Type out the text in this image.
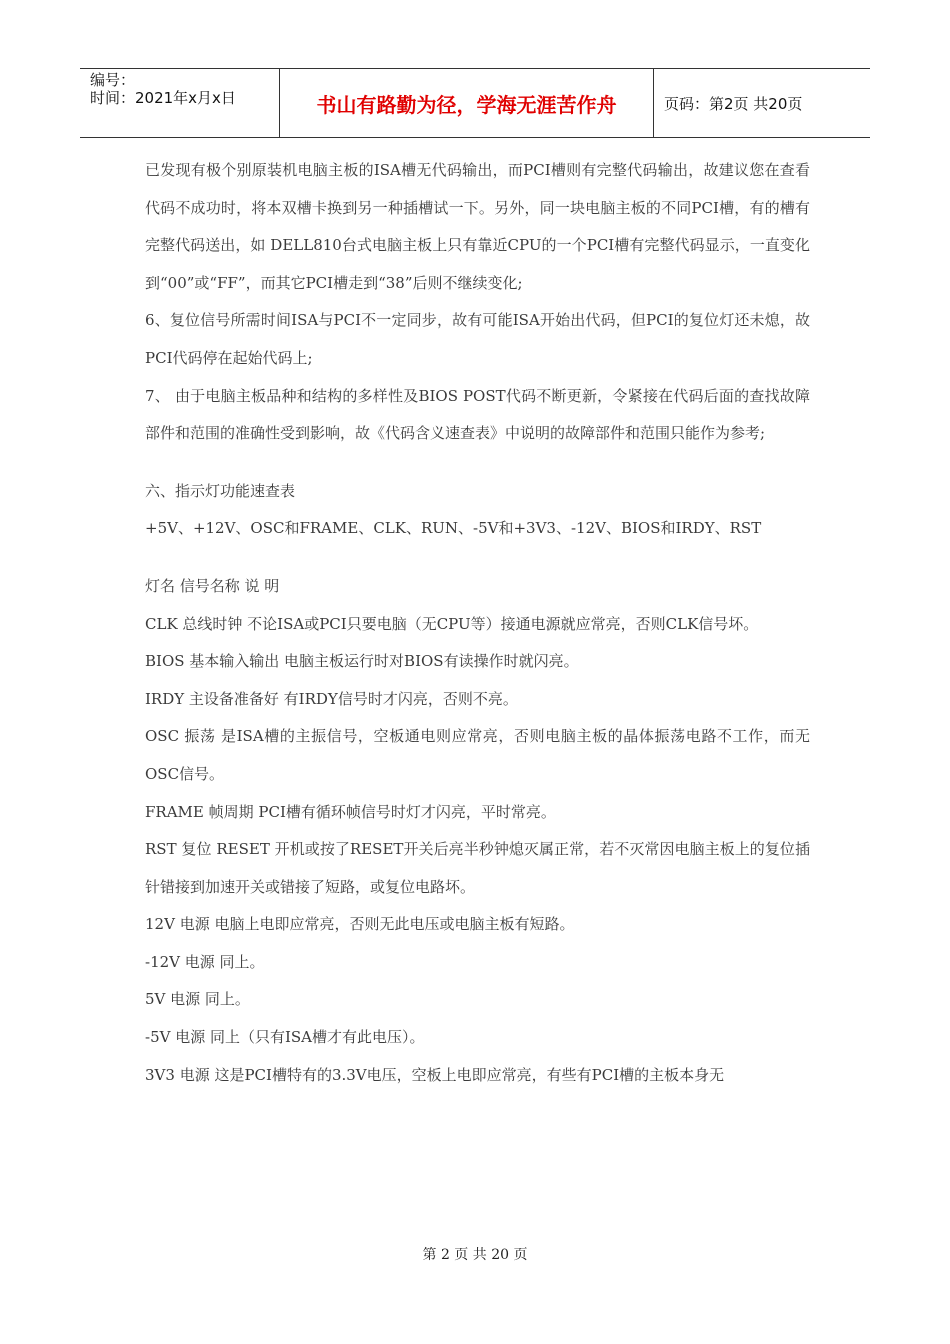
编号：
时间：2021年x月x日	书山有路勤为径，学海无涯苦作舟	页码：第2页 共20页

已发现有极个别原装机电脑主板的ISA槽无代码输出，而PCI槽则有完整代码输出，故建议您在查看代码不成功时，将本双槽卡换到另一种插槽试一下。另外，同一块电脑主板的不同PCI槽，有的槽有完整代码送出，如 DELL810台式电脑主板上只有靠近CPU的一个PCI槽有完整代码显示，一直变化到“00”或“FF”，而其它PCI槽走到“38”后则不继续变化;

6、复位信号所需时间ISA与PCI不一定同步，故有可能ISA开始出代码，但PCI的复位灯还未熄，故PCI代码停在起始代码上;

7、 由于电脑主板品种和结构的多样性及BIOS POST代码不断更新，令紧接在代码后面的查找故障部件和范围的准确性受到影响，故《代码含义速查表》中说明的故障部件和范围只能作为参考;

六、指示灯功能速查表

+5V、+12V、OSC和FRAME、CLK、RUN、-5V和+3V3、-12V、BIOS和IRDY、RST

灯名 信号名称 说 明

CLK 总线时钟 不论ISA或PCI只要电脑（无CPU等）接通电源就应常亮，否则CLK信号坏。

BIOS 基本输入输出 电脑主板运行时对BIOS有读操作时就闪亮。

IRDY 主设备准备好 有IRDY信号时才闪亮，否则不亮。

OSC 振荡 是ISA槽的主振信号，空板通电则应常亮，否则电脑主板的晶体振荡电路不工作，而无OSC信号。

FRAME 帧周期 PCI槽有循环帧信号时灯才闪亮，平时常亮。

RST 复位 RESET 开机或按了RESET开关后亮半秒钟熄灭属正常，若不灭常因电脑主板上的复位插针错接到加速开关或错接了短路，或复位电路坏。

12V 电源 电脑上电即应常亮，否则无此电压或电脑主板有短路。

-12V 电源 同上。

5V 电源 同上。

-5V 电源 同上（只有ISA槽才有此电压）。

3V3 电源 这是PCI槽特有的3.3V电压，空板上电即应常亮，有些有PCI槽的主板本身无

第 2 页 共 20 页
